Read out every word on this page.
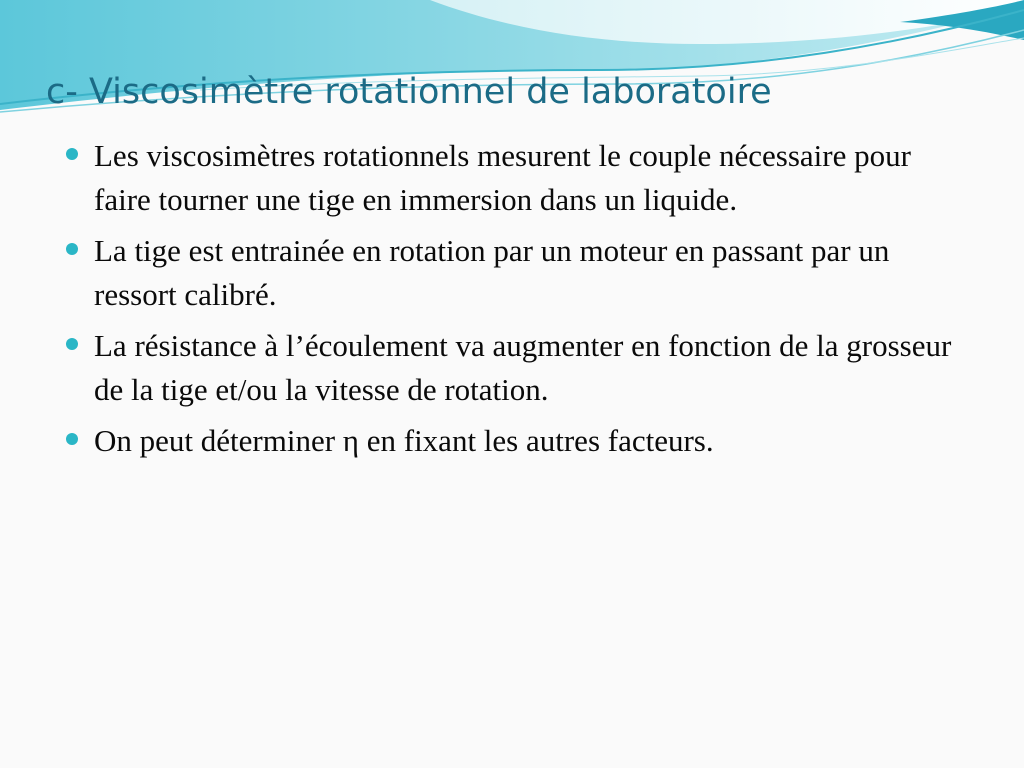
c- Viscosimètre rotationnel de laboratoire
Les viscosimètres rotationnels mesurent le couple nécessaire pour faire tourner une tige en immersion dans un liquide.
La tige est entrainée en rotation par un moteur en passant par un ressort calibré.
La résistance à l’écoulement va augmenter en fonction de la grosseur de la tige et/ou la vitesse de rotation.
On peut déterminer η en fixant les autres facteurs.
